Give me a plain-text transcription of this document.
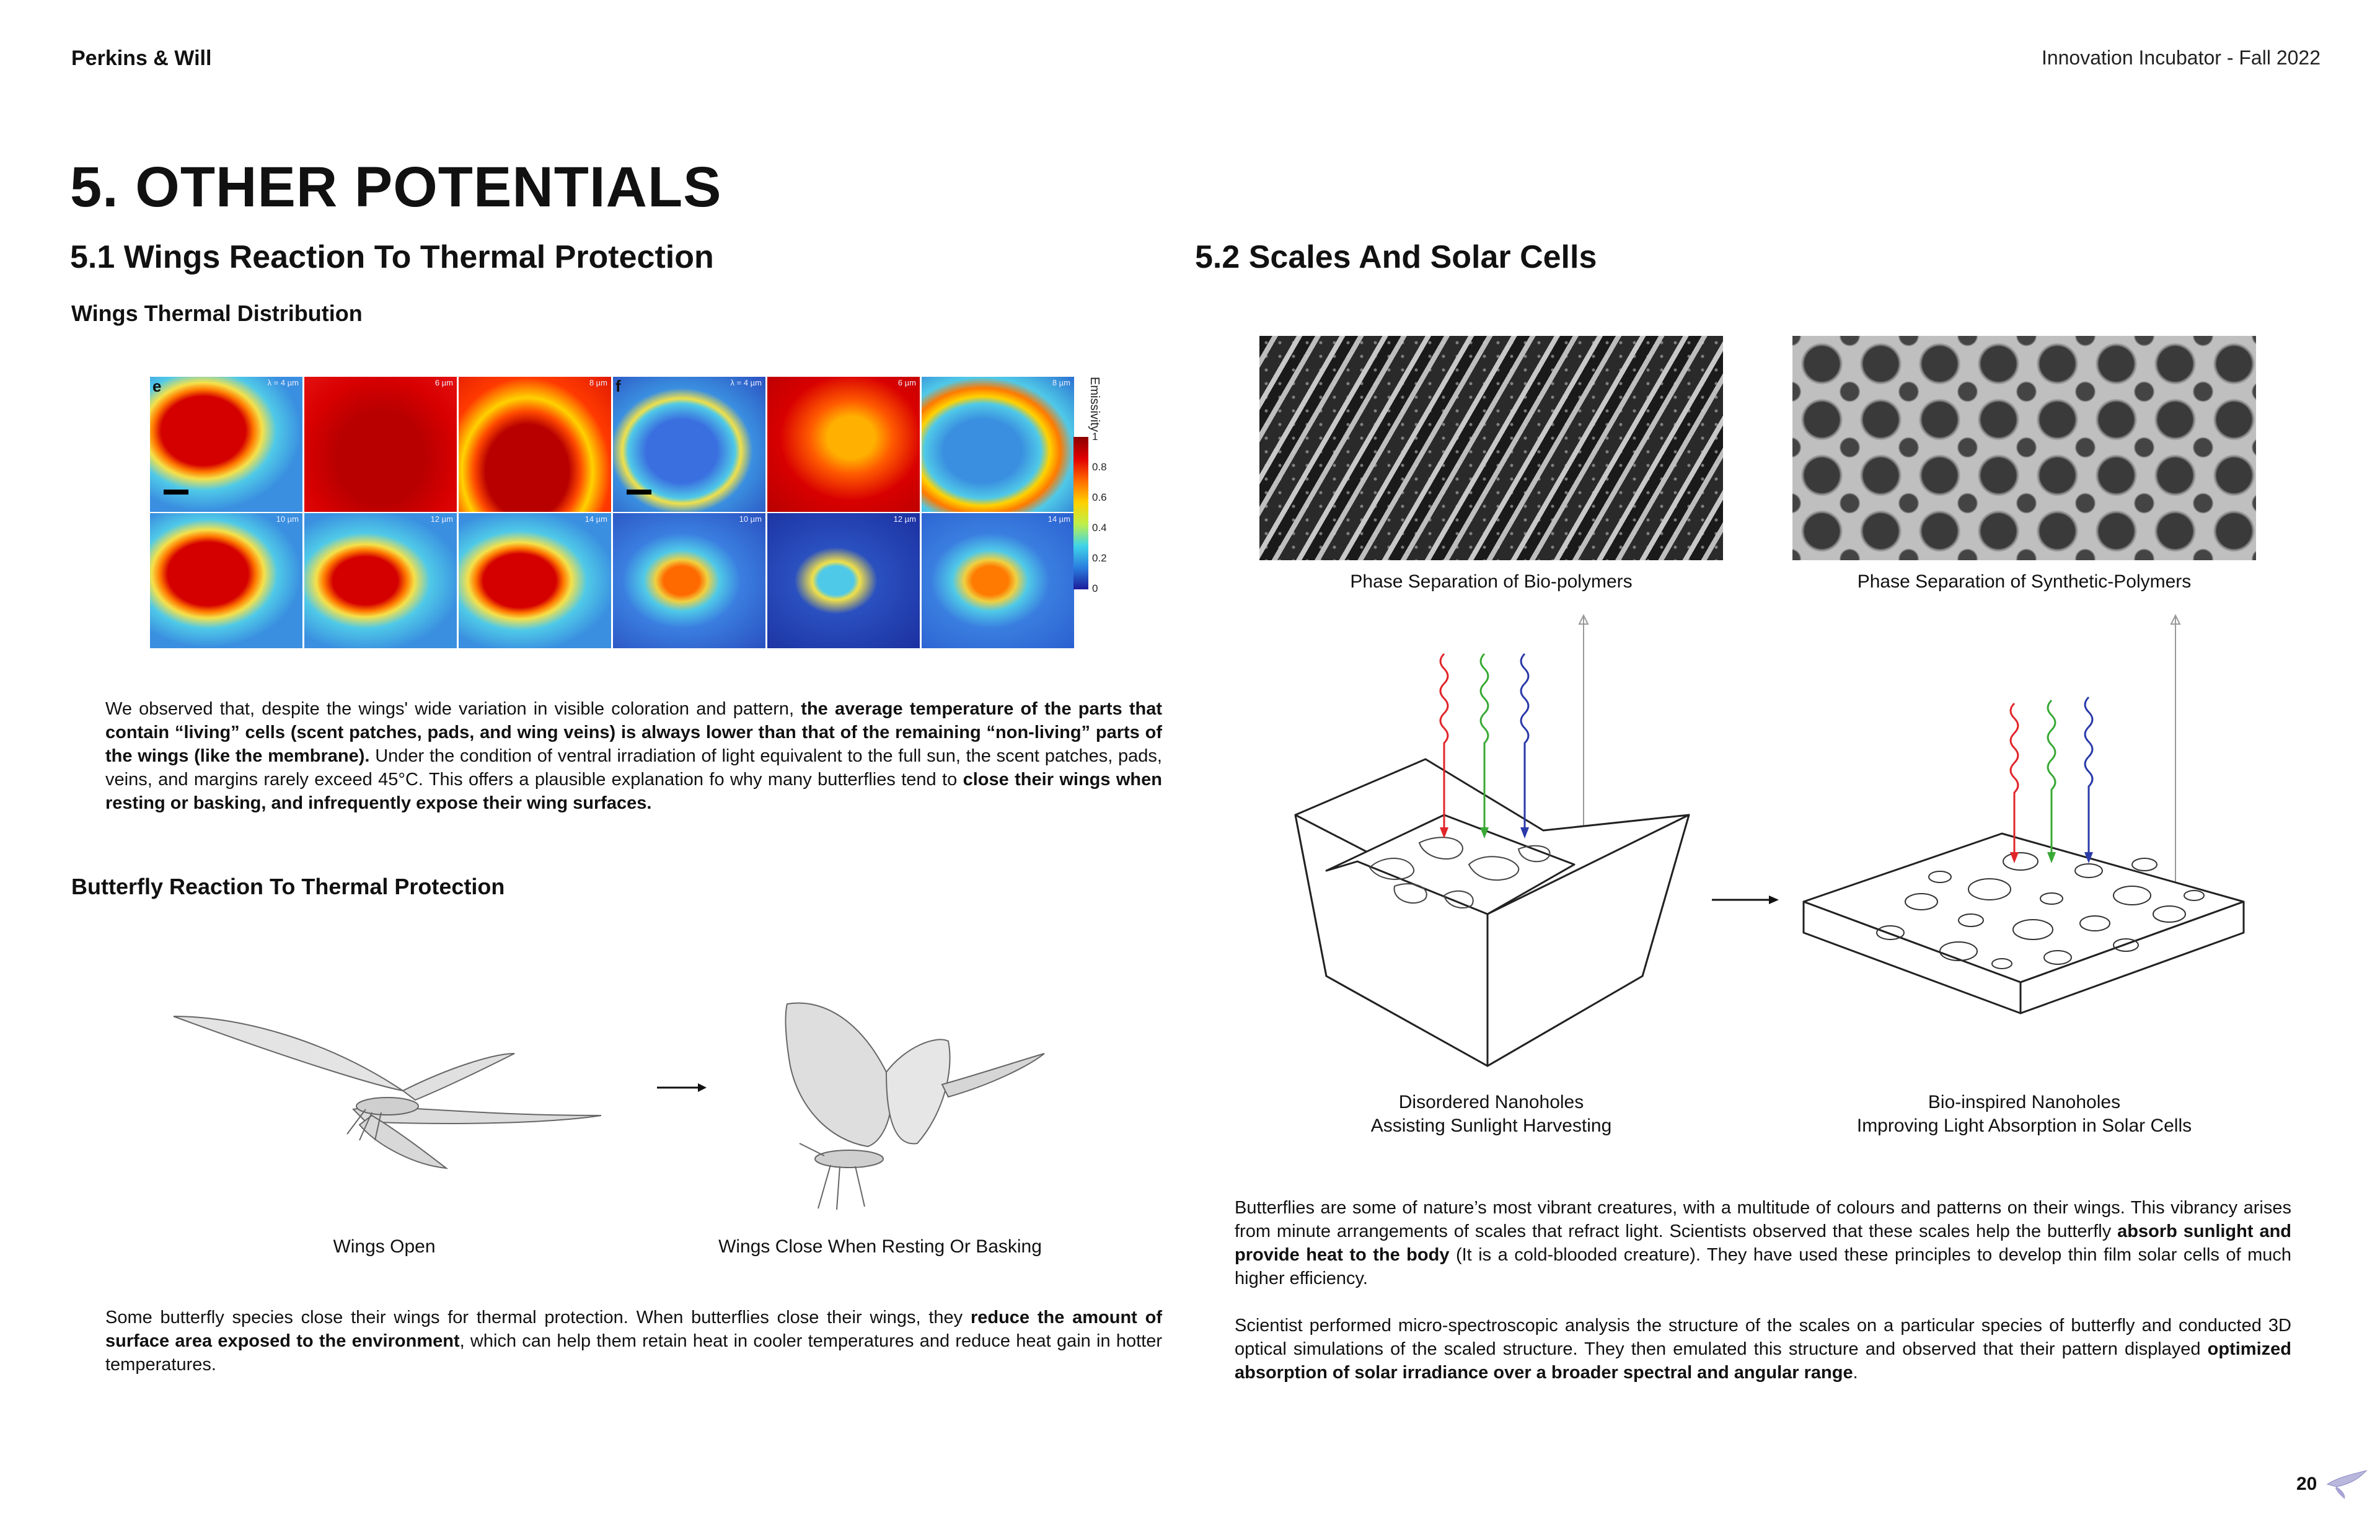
Perkins & Will	Innovation Incubator - Fall 2022
5. OTHER POTENTIALS
5.1 Wings Reaction To Thermal Protection
Wings Thermal Distribution
e	λ = 4 µm	6 µm	8 µm f	λ = 4 µm	6 µm	8 µm
10 µm	12 µm	14 µm	10 µm	12 µm	14 µm
Emissivity
1
0.8
0.6
0.4
0.2
0

We observed that, despite the wings' wide variation in visible coloration and pattern, the average temperature of the parts that contain “living” cells (scent patches, pads, and wing veins) is always lower than that of the remaining “non-living” parts of the wings (like the membrane). Under the condition of ventral irradiation of light equivalent to the full sun, the scent patches, pads, veins, and margins rarely exceed 45°C. This offers a plausible explanation fo why many butterflies tend to close their wings when resting or basking, and infrequently expose their wing surfaces.

Butterfly Reaction To Thermal Protection
Wings Open	Wings Close When Resting Or Basking

Some butterfly species close their wings for thermal protection. When butterflies close their wings, they reduce the amount of surface area exposed to the environment, which can help them retain heat in cooler temperatures and reduce heat gain in hotter temperatures.

5.2 Scales And Solar Cells
Phase Separation of Bio-polymers	Phase Separation of Synthetic-Polymers
Disordered Nanoholes
Assisting Sunlight Harvesting
Bio-inspired Nanoholes
Improving Light Absorption in Solar Cells

Butterflies are some of nature’s most vibrant creatures, with a multitude of colours and patterns on their wings. This vibrancy arises from minute arrangements of scales that refract light. Scientists observed that these scales help the butterfly absorb sunlight and provide heat to the body (It is a cold-blooded creature). They have used these principles to develop thin film solar cells of much higher efficiency.

Scientist performed micro-spectroscopic analysis the structure of the scales on a particular species of butterfly and conducted 3D optical simulations of the scaled structure. They then emulated this structure and observed that their pattern displayed optimized absorption of solar irradiance over a broader spectral and angular range.

20
